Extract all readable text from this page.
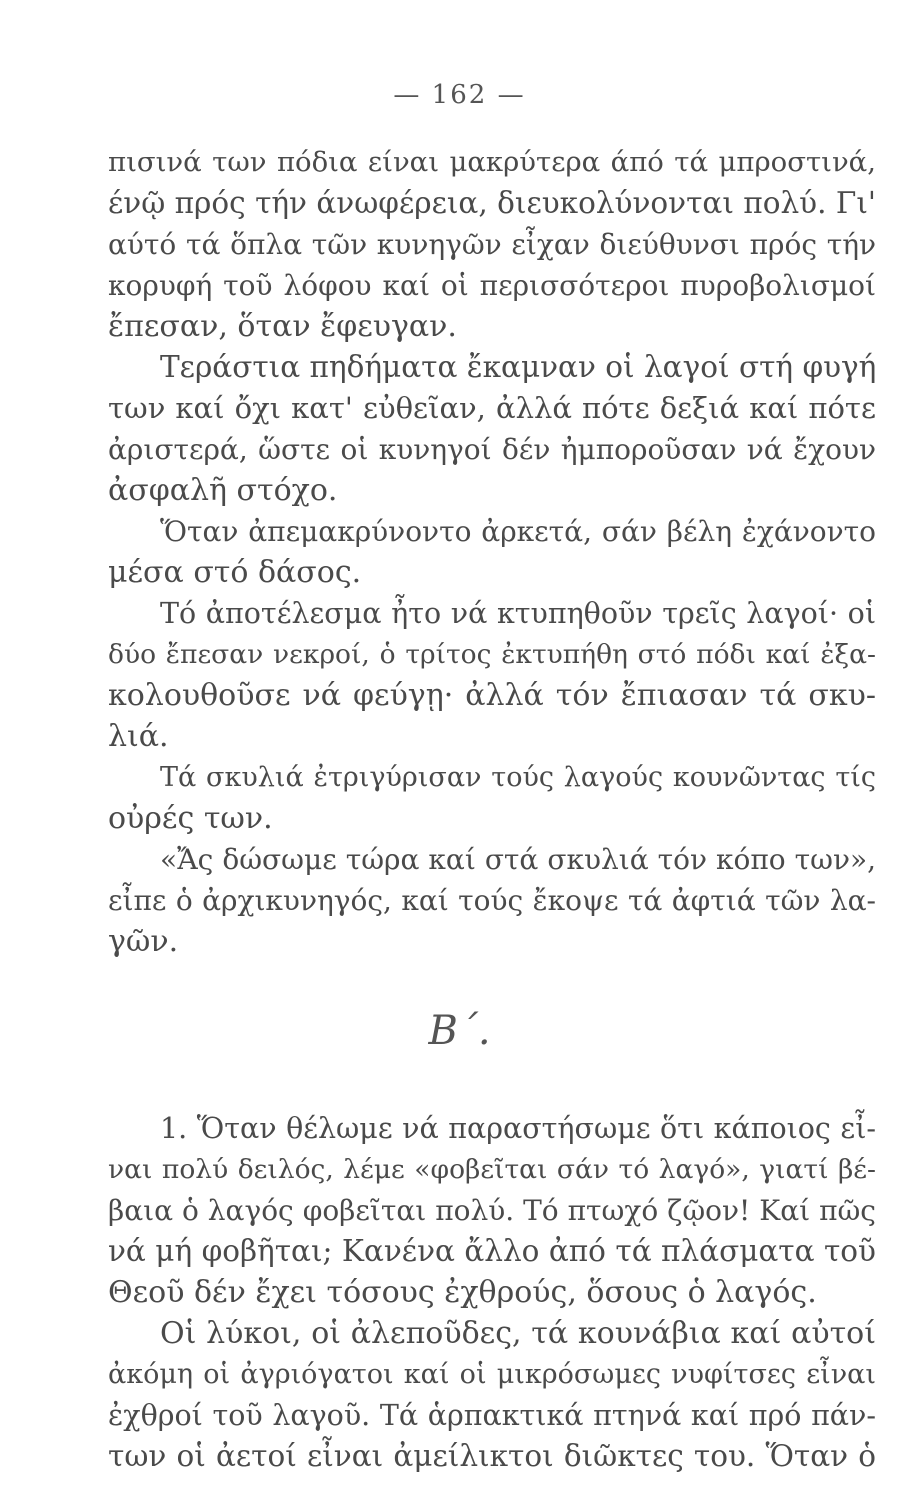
— 162 —
πισινά των πόδια είναι μακρύτερα άπό τά μπροστινά,
ένῷ πρός τήν άνωφέρεια, διευκολύνονται πολύ. Γι'
αύτό τά ὅπλα τῶν κυνηγῶν εἶχαν διεύθυνσι πρός τήν
κορυφή τοῦ λόφου καί οἱ περισσότεροι πυροβολισμοί
ἔπεσαν, ὅταν ἔφευγαν.
Τεράστια πηδήματα ἔκαμναν οἱ λαγοί στή φυγή
των καί ὄχι κατ' εὐθεῖαν, ἀλλά πότε δεξιά καί πότε
ἀριστερά, ὥστε οἱ κυνηγοί δέν ἠμποροῦσαν νά ἔχουν
ἀσφαλῆ στόχο.
Ὅταν ἀπεμακρύνοντο ἀρκετά, σάν βέλη ἐχάνοντο
μέσα στό δάσος.
Τό ἀποτέλεσμα ἦτο νά κτυπηθοῦν τρεῖς λαγοί· οἱ
δύο ἔπεσαν νεκροί, ὁ τρίτος ἐκτυπήθη στό πόδι καί ἐξα-
κολουθοῦσε νά φεύγῃ· ἀλλά τόν ἔπιασαν τά σκυ-
λιά.
Τά σκυλιά ἐτριγύρισαν τούς λαγούς κουνῶντας τίς
οὐρές των.
«Ἄς δώσωμε τώρα καί στά σκυλιά τόν κόπο των»,
εἶπε ὁ ἀρχικυνηγός, καί τούς ἔκοψε τά ἀφτιά τῶν λα-
γῶν.
Β΄.
1. Ὅταν θέλωμε νά παραστήσωμε ὅτι κάποιος εἶ-
ναι πολύ δειλός, λέμε «φοβεῖται σάν τό λαγό», γιατί βέ-
βαια ὁ λαγός φοβεῖται πολύ. Τό πτωχό ζῷον! Καί πῶς
νά μή φοβῆται; Κανένα ἄλλο ἀπό τά πλάσματα τοῦ
Θεοῦ δέν ἔχει τόσους ἐχθρούς, ὅσους ὁ λαγός.
Οἱ λύκοι, οἱ ἀλεποῦδες, τά κουνάβια καί αὐτοί
ἀκόμη οἱ ἀγριόγατοι καί οἱ μικρόσωμες νυφίτσες εἶναι
ἐχθροί τοῦ λαγοῦ. Τά ἁρπακτικά πτηνά καί πρό πάν-
των οἱ ἀετοί εἶναι ἀμείλικτοι διῶκτες του. Ὅταν ὁ
